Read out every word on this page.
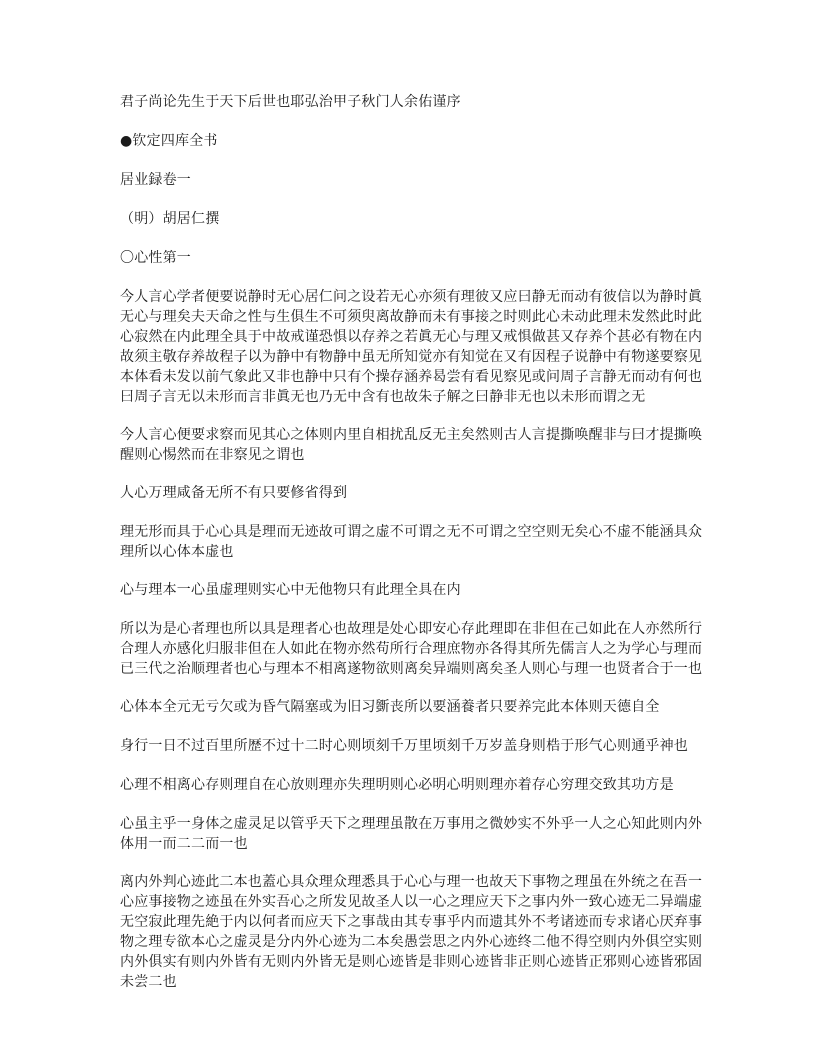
君子尚论先生于天下后世也耶弘治甲子秋门人余佑谨序

●钦定四库全书

居业録卷一

（明）胡居仁撰

〇心性第一

今人言心学者便要说静时无心居仁问之设若无心亦须有理彼又应曰静无而动有彼信以为静时眞无心与理矣夫天命之性与生俱生不可须臾离故静而未有事接之时则此心未动此理未发然此时此心寂然在内此理全具于中故戒谨恐惧以存养之若眞无心与理又戒惧做甚又存养个甚必有物在内故须主敬存养故程子以为静中有物静中虽无所知觉亦有知觉在又有因程子说静中有物遂要察见本体看未发以前气象此又非也静中只有个操存涵养曷尝有看见察见或问周子言静无而动有何也曰周子言无以未形而言非眞无也乃无中含有也故朱子解之曰静非无也以未形而谓之无

今人言心便要求察而见其心之体则内里自相扰乱反无主矣然则古人言提撕唤醒非与曰才提撕唤醒则心惕然而在非察见之谓也

人心万理咸备无所不有只要修省得到

理无形而具于心心具是理而无迹故可谓之虚不可谓之无不可谓之空空则无矣心不虚不能涵具众理所以心体本虚也

心与理本一心虽虚理则实心中无他物只有此理全具在内

所以为是心者理也所以具是理者心也故理是处心即安心存此理即在非但在己如此在人亦然所行合理人亦感化归服非但在人如此在物亦然苟所行合理庶物亦各得其所先儒言人之为学心与理而已三代之治顺理者也心与理本不相离遂物欲则离矣异端则离矣圣人则心与理一也贤者合于一也

心体本全元无亏欠或为昏气隔塞或为旧习斵丧所以要涵養者只要养完此本体则天德自全

身行一日不过百里所歴不过十二时心则顷刻千万里顷刻千万岁盖身则梏于形气心则通乎神也

心理不相离心存则理自在心放则理亦失理明则心必明心明则理亦着存心穷理交致其功方是

心虽主乎一身体之虚灵足以管乎天下之理理虽散在万事用之微妙实不外乎一人之心知此则内外体用一而二二而一也

离内外判心迹此二本也蓋心具众理众理悉具于心心与理一也故天下事物之理虽在外统之在吾一心应事接物之迹虽在外实吾心之所发见故圣人以一心之理应天下之事内外一致心迹无二异端虚无空寂此理先絶于内以何者而应天下之事哉由其专事乎内而遗其外不考诸迹而专求诸心厌弃事物之理专欲本心之虚灵是分内外心迹为二本矣愚尝思之内外心迹终二他不得空则内外俱空实则内外俱实有则内外皆有无则内外皆无是则心迹皆是非则心迹皆非正则心迹皆正邪则心迹皆邪固未尝二也
